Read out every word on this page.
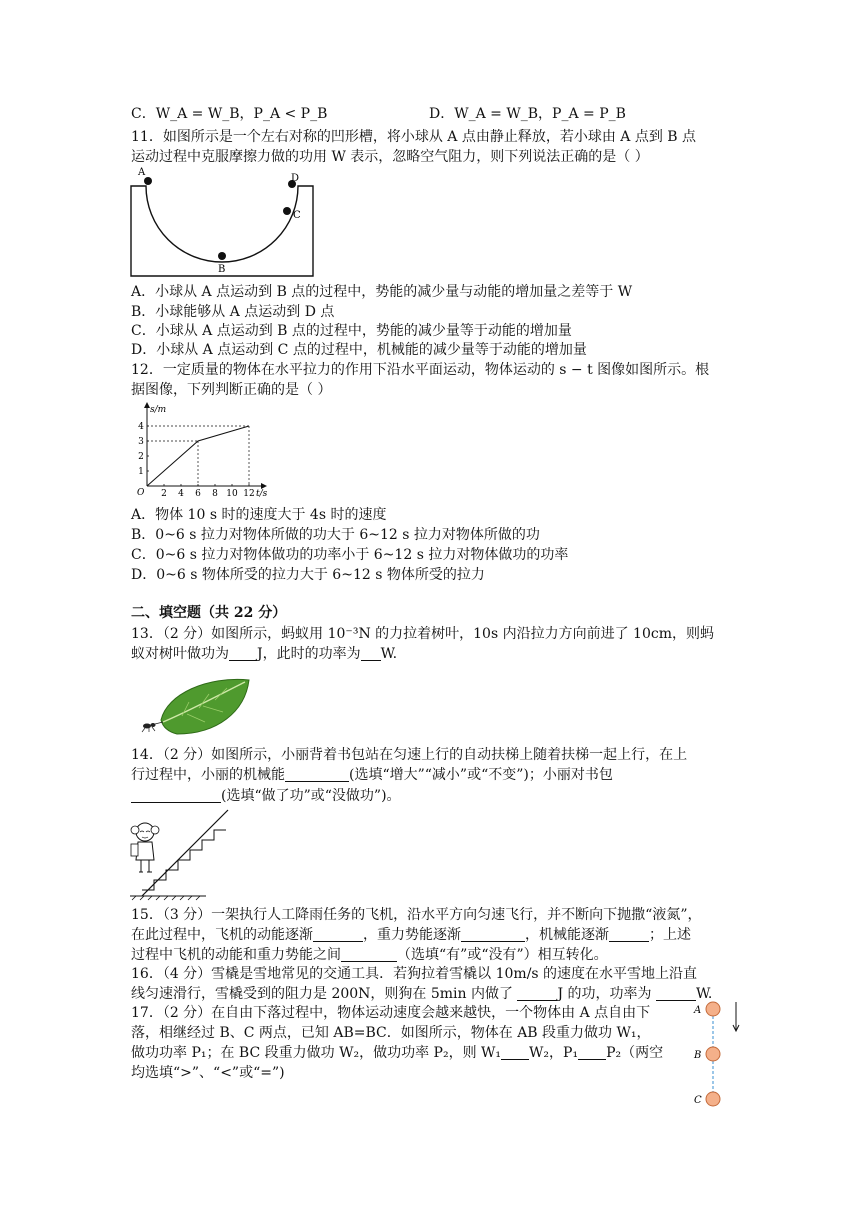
C．W_A = W_B，P_A < P_B	D．W_A = W_B，P_A = P_B
11．如图所示是一个左右对称的凹形槽，将小球从 A 点由静止释放，若小球由 A 点到 B 点
运动过程中克服摩擦力做的功用 W 表示，忽略空气阻力，则下列说法正确的是（ ）
A
B
C
D
A．小球从 A 点运动到 B 点的过程中，势能的减少量与动能的增加量之差等于 W
B．小球能够从 A 点运动到 D 点
C．小球从 A 点运动到 B 点的过程中，势能的减少量等于动能的增加量
D．小球从 A 点运动到 C 点的过程中，机械能的减少量等于动能的增加量
12．一定质量的物体在水平拉力的作用下沿水平面运动，物体运动的 s − t 图像如图所示。根
据图像，下列判断正确的是（ ）
s/m
t/s
O 2 4 6 8 10 12
1
2
3
4
A．物体 10 s 时的速度大于 4s 时的速度
B．0~6 s 拉力对物体所做的功大于 6~12 s 拉力对物体所做的功
C．0~6 s 拉力对物体做功的功率小于 6~12 s 拉力对物体做功的功率
D．0~6 s 物体所受的拉力大于 6~12 s 物体所受的拉力
二、填空题（共 22 分）
13．（2 分）如图所示，蚂蚁用 10⁻³N 的力拉着树叶，10s 内沿拉力方向前进了 10cm，则蚂
蚁对树叶做功为 J，此时的功率为 W.
14．（2 分）如图所示，小丽背着书包站在匀速上行的自动扶梯上随着扶梯一起上行，在上
行过程中，小丽的机械能	(选填“增大”“减小”或“不变”)；小丽对书包
(选填“做了功”或“没做功”)。
15．（3 分）一架执行人工降雨任务的飞机，沿水平方向匀速飞行，并不断向下抛撒“液氮”，
在此过程中，飞机的动能逐渐	，重力势能逐渐	，机械能逐渐	；上述
过程中飞机的动能和重力势能之间	（选填“有”或“没有”）相互转化。
16．（4 分）雪橇是雪地常见的交通工具．若狗拉着雪橇以 10m/s 的速度在水平雪地上沿直
线匀速滑行，雪橇受到的阻力是 200N，则狗在 5min 内做了	J 的功，功率为	W.
17．（2 分）在自由下落过程中，物体运动速度会越来越快，一个物体由 A 点自由下
落，相继经过 B、C 两点，已知 AB=BC．如图所示，物体在 AB 段重力做功 W₁，
做功功率 P₁；在 BC 段重力做功 W₂，做功功率 P₂，则 W₁ W₂，P₁ P₂（两空
均选填“>”、“<”或“=”)
A
B
C
